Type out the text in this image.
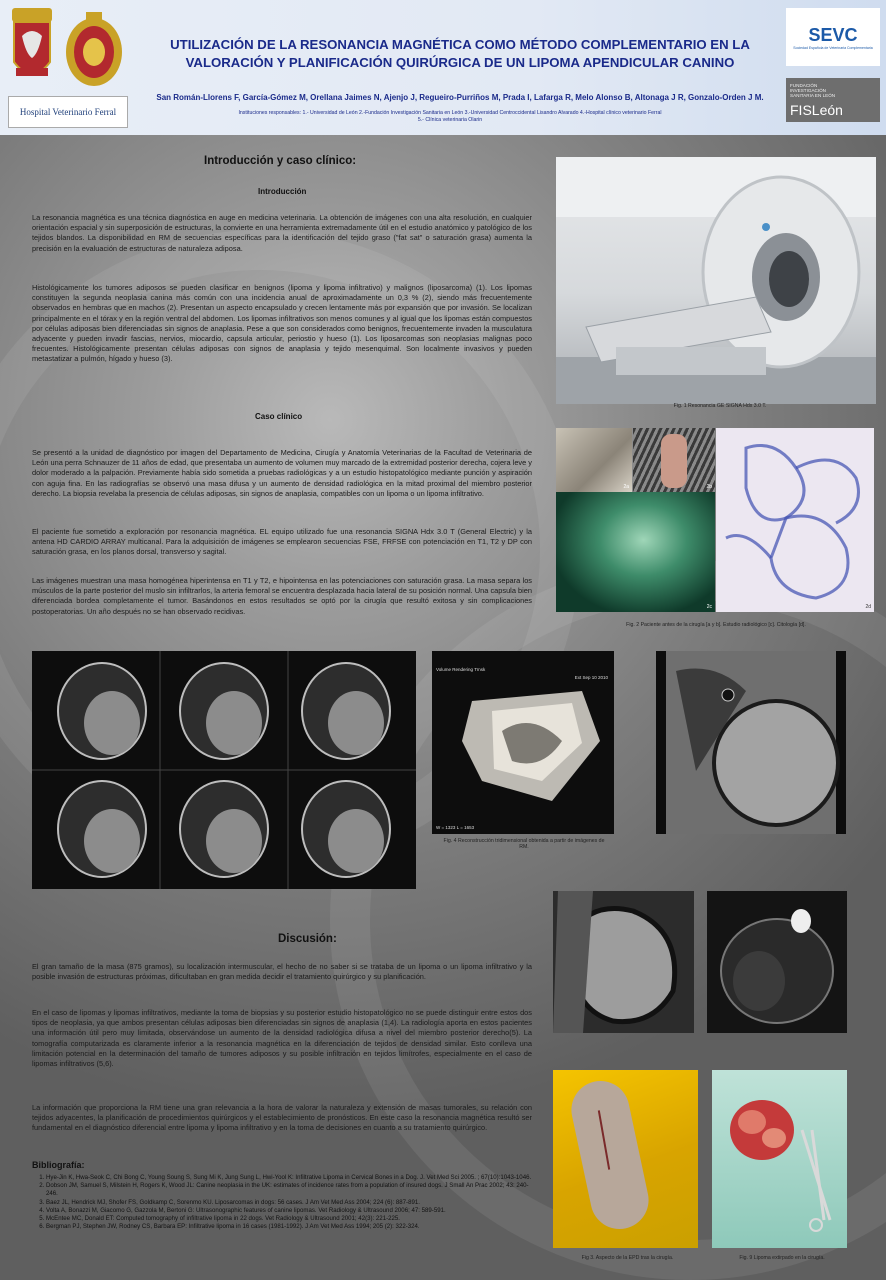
Hospital Veterinario Ferral
UTILIZACIÓN DE LA RESONANCIA MAGNÉTICA COMO MÉTODO COMPLEMENTARIO EN LA
VALORACIÓN Y PLANIFICACIÓN QUIRÚRGICA DE UN LIPOMA APENDICULAR CANINO
San Román-Llorens F, García-Gómez M, Orellana Jaimes N, Ajenjo J, Regueiro-Purriños M, Prada I, Lafarga R, Melo Alonso B, Altonaga J R, Gonzalo-Orden J M.
Instituciones responsables: 1.- Universidad de León 2.-Fundación Investigación Sanitaria en León 3.-Universidad Centroccidental Lisandro Alvarado 4.-Hospital clínico veterinario Ferral
5.- Clínica veterinaria Olarin
SEVC
Sociedad Española de Veterinaria Complementaria
FUNDACIÓN INVESTIGACIÓN SANITARIA EN LEÓN
FISLeón
Introducción y caso clínico:
Introducción
La resonancia magnética es una técnica diagnóstica en auge en medicina veterinaria. La obtención de imágenes con una alta resolución, en cualquier orientación espacial y sin superposición de estructuras, la convierte en una herramienta extremadamente útil en el estudio anatómico y patológico de los tejidos blandos. La disponibilidad en RM de secuencias específicas para la identificación del tejido graso ("fat sat" o saturación grasa) aumenta la precisión en la evaluación de estructuras de naturaleza adiposa.
Histológicamente los tumores adiposos se pueden clasificar en benignos (lipoma y lipoma infiltrativo) y malignos (liposarcoma) (1). Los lipomas constituyen la segunda neoplasia canina más común con una incidencia anual de aproximadamente un 0,3 % (2), siendo más frecuentemente observados en hembras que en machos (2). Presentan un aspecto encapsulado y crecen lentamente más por expansión que por invasión. Se localizan principalmente en el tórax y en la región ventral del abdomen. Los lipomas infiltrativos son menos comunes y al igual que los lipomas están compuestos por células adiposas bien diferenciadas sin signos de anaplasia. Pese a que son considerados como benignos, frecuentemente invaden la musculatura adyacente y pueden invadir fascias, nervios, miocardio, capsula articular, periostio y hueso (1). Los liposarcomas son neoplasias malignas poco frecuentes. Histológicamente presentan células adiposas con signos de anaplasia y tejido mesenquimal. Son localmente invasivos y pueden metastatizar a pulmón, hígado y hueso (3).
Caso clínico
Se presentó a la unidad de diagnóstico por imagen del Departamento de Medicina, Cirugía y Anatomía Veterinarias de la Facultad de Veterinaria de León una perra Schnauzer de 11 años de edad, que presentaba un aumento de volumen muy marcado de la extremidad posterior derecha, cojera leve y dolor moderado a la palpación. Previamente había sido sometida a pruebas radiológicas y a un estudio histopatológico mediante punción y aspiración con aguja fina. En las radiografías se observó una masa difusa y un aumento de densidad radiológica en la mitad proximal del miembro posterior derecho. La biopsia revelaba la presencia de células adiposas, sin signos de anaplasia, compatibles con un lipoma o un lipoma infiltrativo.
El paciente fue sometido a exploración por resonancia magnética. EL equipo utilizado fue una resonancia SIGNA Hdx 3.0 T (General Electric) y la antena HD CARDIO ARRAY multicanal. Para la adquisición de imágenes se emplearon secuencias FSE, FRFSE con potenciación en T1, T2 y DP con saturación grasa, en los planos dorsal, transverso y sagital.
Las imágenes muestran una masa homogénea hiperintensa en T1 y T2, e hipointensa en las potenciaciones con saturación grasa. La masa separa los músculos de la parte posterior del muslo sin infiltrarlos, la arteria femoral se encuentra desplazada hacia lateral de su posición normal. Una capsula bien diferenciada bordea completamente el tumor. Basándonos en estos resultados se optó por la cirugía que resultó exitosa y sin complicaciones postoperatorias. Un año después no se han observado recidivas.
Fig. 1 Resonancia GE SIGNA Hdx 3.0 T.
2a	2b
2c	2d
Fig. 2 Paciente antes de la cirugía [a y b]. Estudio radiológico [c]. Citología [d].
Volume Rendering Trnsk
Ext Sep 10 2010
W = 1323 L = 1653
Fig. 4 Reconstrucción tridimensional obtenida a partir de imágenes de RM.
Discusión:
El gran tamaño de la masa (875 gramos), su localización intermuscular, el hecho de no saber si se trataba de un lipoma o un lipoma infiltrativo y la posible invasión de estructuras próximas, dificultaban en gran medida decidir el tratamiento quirúrgico y su planificación.
En el caso de lipomas y lipomas infiltrativos, mediante la toma de biopsias y su posterior estudio histopatológico no se puede distinguir entre estos dos tipos de neoplasia, ya que ambos presentan células adiposas bien diferenciadas sin signos de anaplasia (1,4). La radiología aporta en estos pacientes una información útil pero muy limitada, observándose un aumento de la densidad radiológica difusa a nivel del miembro posterior derecho(5). La tomografía computarizada es claramente inferior a la resonancia magnética en la diferenciación de tejidos de densidad similar. Esto conlleva una limitación potencial en la determinación del tamaño de tumores adiposos y su posible infiltración en tejidos limítrofes, especialmente en el caso de lipomas infiltrativos (5,6).
La información que proporciona la RM tiene una gran relevancia a la hora de valorar la naturaleza y extensión de masas tumorales, su relación con tejidos adyacentes, la planificación de procedimientos quirúrgicos y el establecimiento de pronósticos. En este caso la resonancia magnética resultó ser fundamental en el diagnóstico diferencial entre lipoma y lipoma infiltrativo y en la toma de decisiones en cuanto a su tratamiento quirúrgico.
Bibliografía:
1. Hye-Jin K, Hwa-Seok C, Chi Bong C, Young Soung S, Sung Mi K, Jung Sung L, Hwi-Yool K: Infiltrative Lipoma in Cervical Bones in a Dog. J. Vet Med Sci 2005. ; 67(10):1043-1046.
2. Dobson JM, Samuel S, Milstein H, Rogers K, Wood JL: Canine neoplasia in the UK: estimates of incidence rates from a population of insured dogs. J Small An Prac 2002; 43: 240-246.
3. Baez JL, Hendrick MJ, Shofer FS, Goldkamp C, Sorenmo KU. Liposarcomas in dogs: 56 cases. J Am Vet Med Ass 2004; 224 (6): 887-891.
4. Volta A, Bonazzi M, Giacomo G, Gazzola M, Bertoni G: Ultrasonographic features of canine lipomas. Vet Radiology & Ultrasound 2006; 47: 589-591.
5. McEntee MC, Donald ET: Computed tomography of infiltrative lipoma in 22 dogs. Vet Radiology & Ultrasound 2001; 42(3): 221-225.
6. Bergman PJ, Stephen JW, Rodney CS, Barbara EP: Infiltrative lipoma in 16 cases (1981-1992). J Am Vet Med Ass 1994; 205 (2): 322-324.
Fig 3. Aspecto de la EPD tras la cirugía.	Fig. 9 Lipoma extirpado en la cirugía.
